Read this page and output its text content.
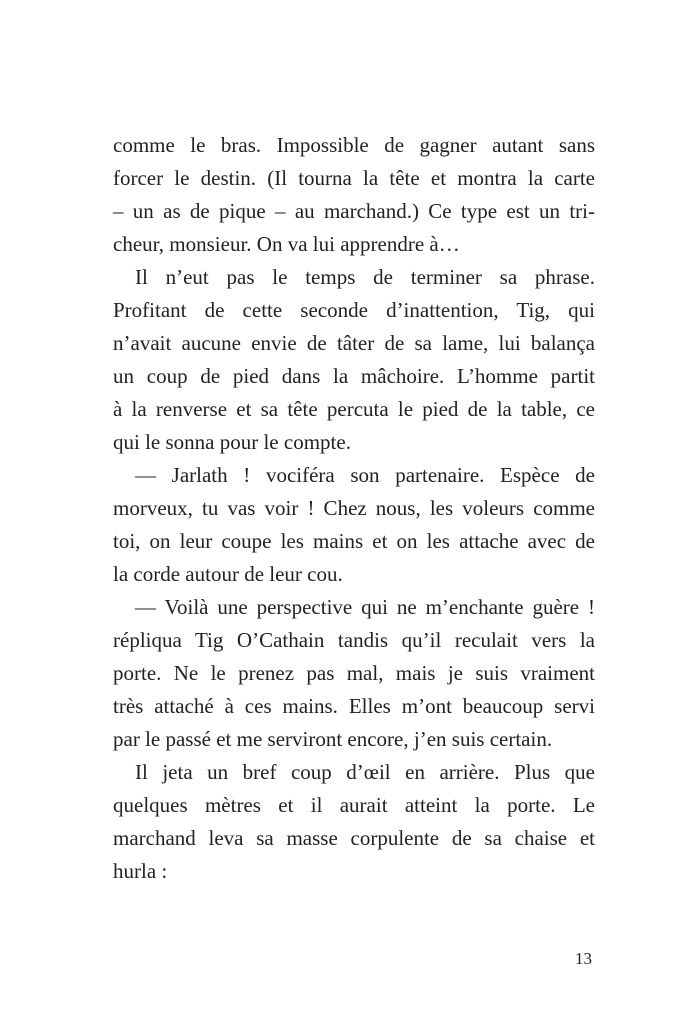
comme le bras. Impossible de gagner autant sans
forcer le destin. (Il tourna la tête et montra la carte
– un as de pique – au marchand.) Ce type est un tri-
cheur, monsieur. On va lui apprendre à…
Il n’eut pas le temps de terminer sa phrase.
Profitant de cette seconde d’inattention, Tig, qui
n’avait aucune envie de tâter de sa lame, lui balança
un coup de pied dans la mâchoire. L’homme partit
à la renverse et sa tête percuta le pied de la table, ce
qui le sonna pour le compte.
— Jarlath ! vociféra son partenaire. Espèce de
morveux, tu vas voir ! Chez nous, les voleurs comme
toi, on leur coupe les mains et on les attache avec de
la corde autour de leur cou.
— Voilà une perspective qui ne m’enchante guère !
répliqua Tig O’Cathain tandis qu’il reculait vers la
porte. Ne le prenez pas mal, mais je suis vraiment
très attaché à ces mains. Elles m’ont beaucoup servi
par le passé et me serviront encore, j’en suis certain.
Il jeta un bref coup d’œil en arrière. Plus que
quelques mètres et il aurait atteint la porte. Le
marchand leva sa masse corpulente de sa chaise et
hurla :
13
